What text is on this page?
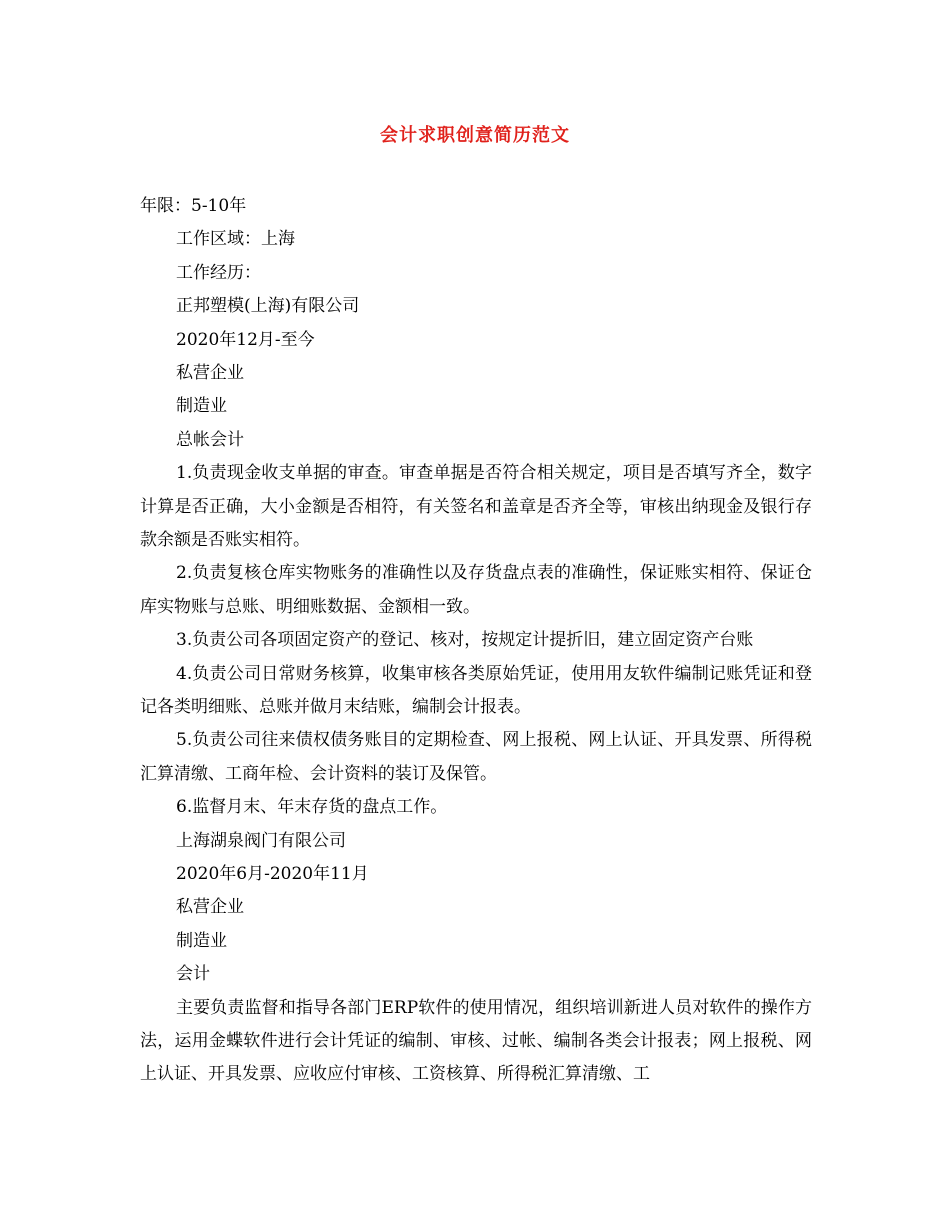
会计求职创意简历范文
年限：5-10年
工作区域：上海
工作经历：
正邦塑模(上海)有限公司
2020年12月-至今
私营企业
制造业
总帐会计

1.负责现金收支单据的审查。审查单据是否符合相关规定，项目是否填写齐全，数字计算是否正确，大小金额是否相符，有关签名和盖章是否齐全等，审核出纳现金及银行存款余额是否账实相符。

2.负责复核仓库实物账务的准确性以及存货盘点表的准确性，保证账实相符、保证仓库实物账与总账、明细账数据、金额相一致。

3.负责公司各项固定资产的登记、核对，按规定计提折旧，建立固定资产台账

4.负责公司日常财务核算，收集审核各类原始凭证，使用用友软件编制记账凭证和登记各类明细账、总账并做月末结账，编制会计报表。

5.负责公司往来债权债务账目的定期检查、网上报税、网上认证、开具发票、所得税汇算清缴、工商年检、会计资料的装订及保管。

6.监督月末、年末存货的盘点工作。

上海湖泉阀门有限公司
2020年6月-2020年11月
私营企业
制造业
会计

主要负责监督和指导各部门ERP软件的使用情况，组织培训新进人员对软件的操作方法，运用金蝶软件进行会计凭证的编制、审核、过帐、编制各类会计报表；网上报税、网上认证、开具发票、应收应付审核、工资核算、所得税汇算清缴、工
